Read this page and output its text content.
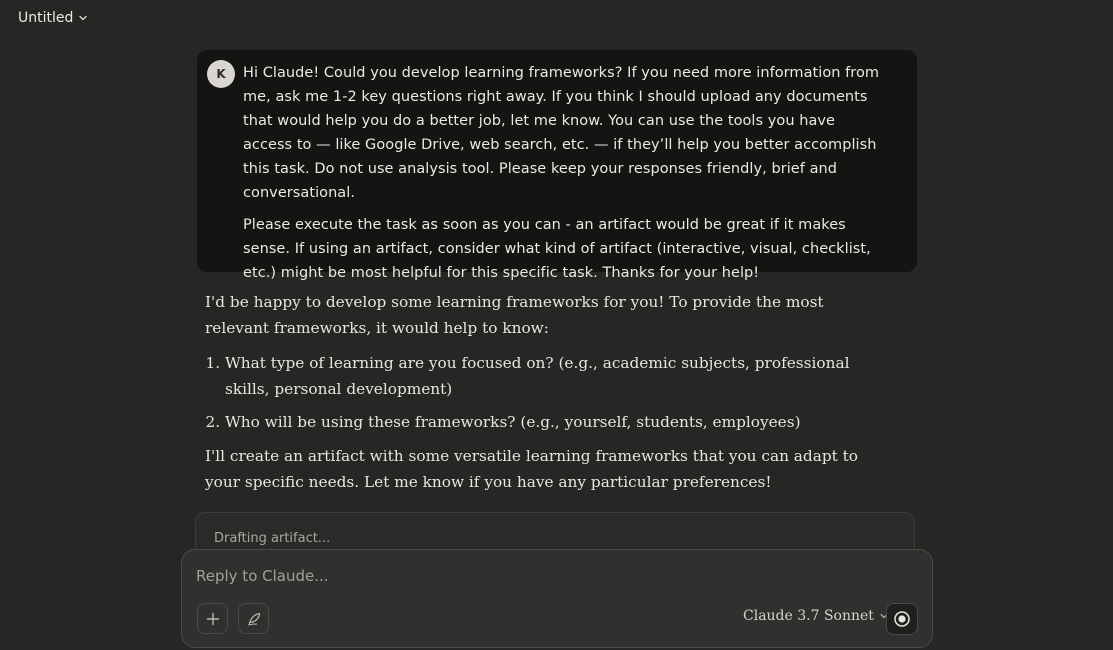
Untitled
K	Hi Claude! Could you develop learning frameworks? If you need more information from me, ask me 1-2 key questions right away. If you think I should upload any documents that would help you do a better job, let me know. You can use the tools you have access to — like Google Drive, web search, etc. — if they’ll help you better accomplish this task. Do not use analysis tool. Please keep your responses friendly, brief and conversational.

Please execute the task as soon as you can - an artifact would be great if it makes sense. If using an artifact, consider what kind of artifact (interactive, visual, checklist, etc.) might be most helpful for this specific task. Thanks for your help!

I'd be happy to develop some learning frameworks for you! To provide the most relevant frameworks, it would help to know:

1. What type of learning are you focused on? (e.g., academic subjects, professional skills, personal development)
2. Who will be using these frameworks? (e.g., yourself, students, employees)

I'll create an artifact with some versatile learning frameworks that you can adapt to your specific needs. Let me know if you have any particular preferences!

Drafting artifact...
Reply to Claude...
Claude 3.7 Sonnet
